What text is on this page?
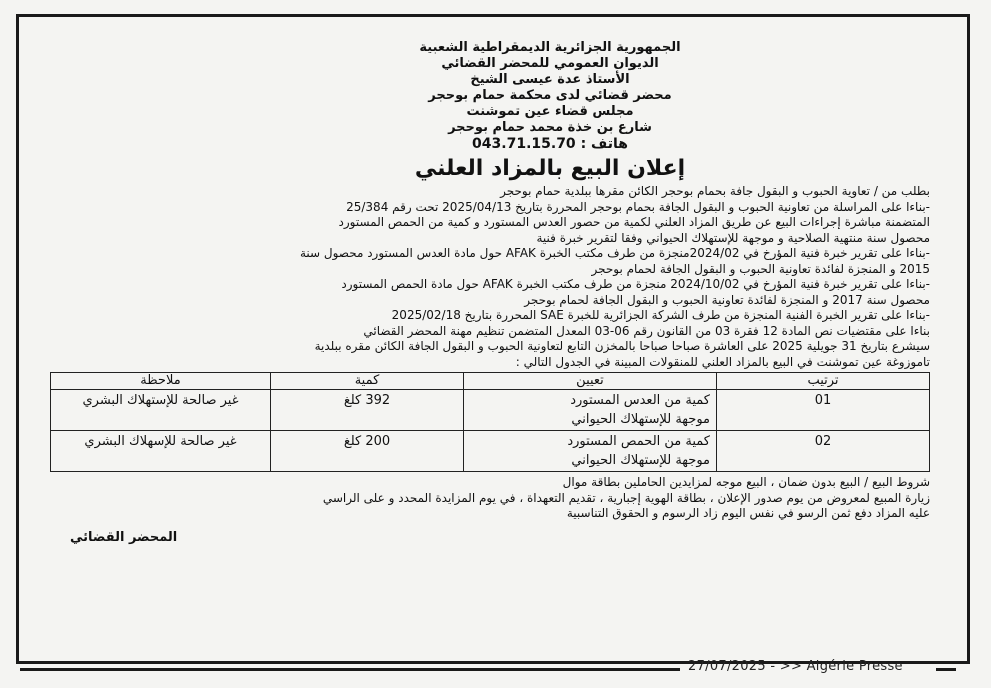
الجمهورية الجزائرية الديمقراطية الشعبية
الديوان العمومي للمحضر القضائي
الأستاذ عدة عيسى الشيخ
محضر قضائي لدى محكمة حمام بوحجر
مجلس قضاء عين تموشنت
شارع بن خذة محمد حمام بوحجر
هاتف : 043.71.15.70
إعلان البيع بالمزاد العلني

بطلب من / تعاوية الحبوب و البقول جافة بحمام بوحجر الكائن مقرها ببلدية حمام بوحجر

-بناءا على المراسلة من تعاونية الحبوب و البقول الجافة بحمام بوحجر المحررة بتاريخ 2025/04/13 تحت رقم 25/384

المتضمنة مباشرة إجراءات البيع عن طريق المزاد العلني لكمية من حصور العدس المستورد و كمية من الحمص المستورد

محصول سنة منتهية الصلاحية و موجهة للإستهلاك الحيواني وفقا لتقرير خبرة فنية

-بناءا على تقرير خبرة فنية المؤرخ في 2024/02منجزة من طرف مكتب الخبرة AFAK حول مادة العدس المستورد محصول سنة

2015 و المنجزة لفائدة تعاونية الحبوب و البقول الجافة لحمام بوحجر

-بناءا على تقرير خبرة فنية المؤرخ في 2024/10/02 منجزة من طرف مكتب الخبرة AFAK حول مادة الحمص المستورد

محصول سنة 2017 و المنجزة لفائدة تعاونية الحبوب و البقول الجافة لحمام بوحجر

-بناءا على تقرير الخبرة الفنية المنجزة من طرف الشركة الجزائرية للخبرة SAE المحررة بتاريخ 2025/02/18

بناءا على مقتضيات نص المادة 12 فقرة 03 من القانون رقم 06-03 المعدل المتضمن تنظيم مهنة المحضر القضائي

سيشرع بتاريخ 31 جويلية 2025 على العاشرة صباحا صباحا بالمخزن التابع لتعاونية الحبوب و البقول الجافة الكائن مقره ببلدية

تاموزوغة عين تموشنت في البيع بالمزاد العلني للمنقولات المبينة في الجدول التالي :

ترتيب	تعيين	كمية	ملاحظة
01	كمية من العدس المستورد
موجهة للإستهلاك الحيواني	392 كلغ	غير صالحة للإستهلاك البشري
02	كمية من الحمص المستورد
موجهة للإستهلاك الحيواني	200 كلغ	غير صالحة للإسهلاك البشري

شروط البيع / البيع بدون ضمان ، البيع موجه لمزايدين الحاملين بطاقة موال

زيارة المبيع لمعروض من يوم صدور الإعلان ، بطاقة الهوية إجبارية ، تقديم التعهداة ، في يوم المزايدة المحدد و على الراسي

عليه المزاد دفع ثمن الرسو في نفس اليوم زاد الرسوم و الحقوق التناسبية

المحضر القضائي
27/07/2025 - >> Algérie Presse
